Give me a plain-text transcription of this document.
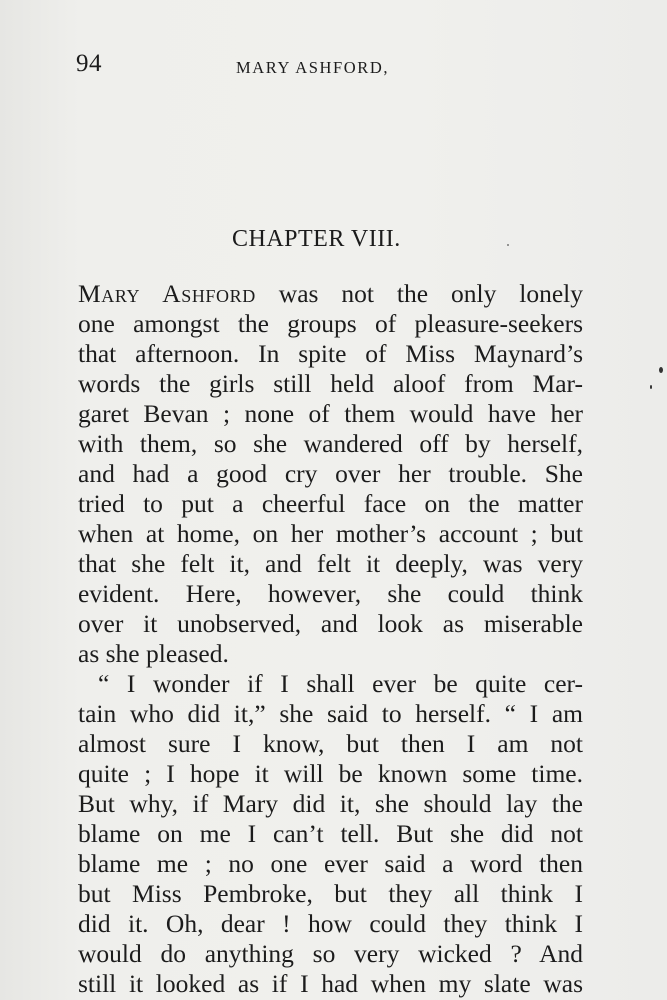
94	MARY ASHFORD,
CHAPTER VIII.
Mary Ashford was not the only lonely
one amongst the groups of pleasure-seekers
that afternoon. In spite of Miss Maynard’s
words the girls still held aloof from Mar-
garet Bevan ; none of them would have her
with them, so she wandered off by herself,
and had a good cry over her trouble. She
tried to put a cheerful face on the matter
when at home, on her mother’s account ; but
that she felt it, and felt it deeply, was very
evident. Here, however, she could think
over it unobserved, and look as miserable
as she pleased.
“ I wonder if I shall ever be quite cer-
tain who did it,” she said to herself. “ I am
almost sure I know, but then I am not
quite ; I hope it will be known some time.
But why, if Mary did it, she should lay the
blame on me I can’t tell. But she did not
blame me ; no one ever said a word then
but Miss Pembroke, but they all think I
did it. Oh, dear ! how could they think I
would do anything so very wicked ? And
still it looked as if I had when my slate was
